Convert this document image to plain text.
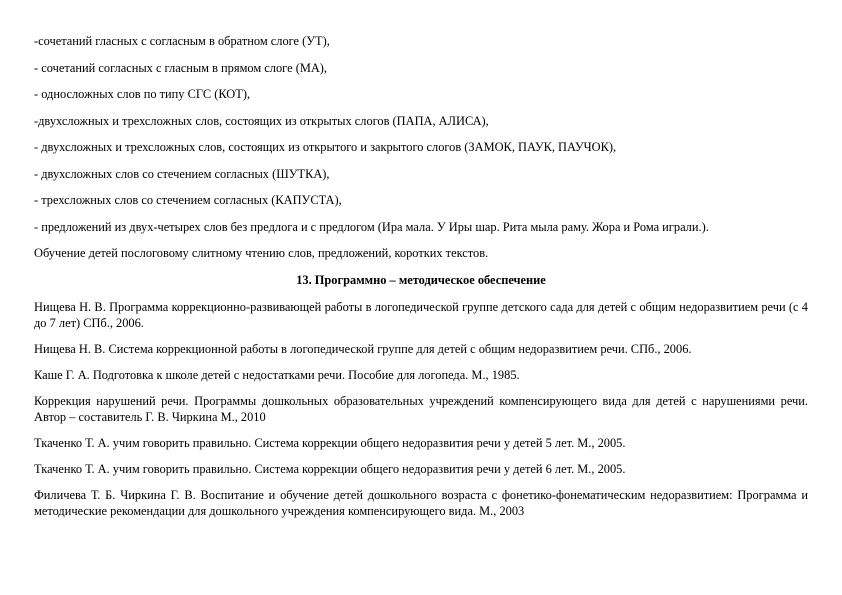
-сочетаний гласных с согласным в обратном слоге (УТ),

- сочетаний согласных с гласным в прямом слоге (МА),

- односложных слов по типу СГС (КОТ),

-двухсложных и трехсложных слов, состоящих из открытых слогов (ПАПА, АЛИСА),

- двухсложных и трехсложных слов, состоящих из открытого и закрытого слогов (ЗАМОК, ПАУК, ПАУЧОК),

- двухсложных слов со стечением согласных (ШУТКА),

- трехсложных слов со стечением согласных (КАПУСТА),

- предложений из двух-четырех слов без предлога и с предлогом (Ира мала. У Иры шар. Рита мыла раму. Жора и Рома играли.).

Обучение детей послоговому слитному чтению слов, предложений, коротких текстов.

13. Программно – методическое обеспечение

Нищева Н. В. Программа коррекционно-развивающей работы в логопедической группе детского сада для детей с общим недоразвитием речи (с 4 до 7 лет) СПб., 2006.

Нищева Н. В. Система коррекционной работы в логопедической группе для детей с общим недоразвитием речи. СПб., 2006.

Каше Г. А. Подготовка к школе детей с недостатками речи. Пособие для логопеда. М., 1985.

Коррекция нарушений речи. Программы дошкольных образовательных учреждений компенсирующего вида для детей с нарушениями речи. Автор – составитель Г. В. Чиркина М., 2010

Ткаченко Т. А. учим говорить правильно. Система коррекции общего недоразвития речи у детей 5 лет. М., 2005.

Ткаченко Т. А. учим говорить правильно. Система коррекции общего недоразвития речи у детей 6 лет. М., 2005.

Филичева Т. Б. Чиркина Г. В. Воспитание и обучение детей дошкольного возраста с фонетико-фонематическим недоразвитием: Программа и методические рекомендации для дошкольного учреждения компенсирующего вида. М., 2003
